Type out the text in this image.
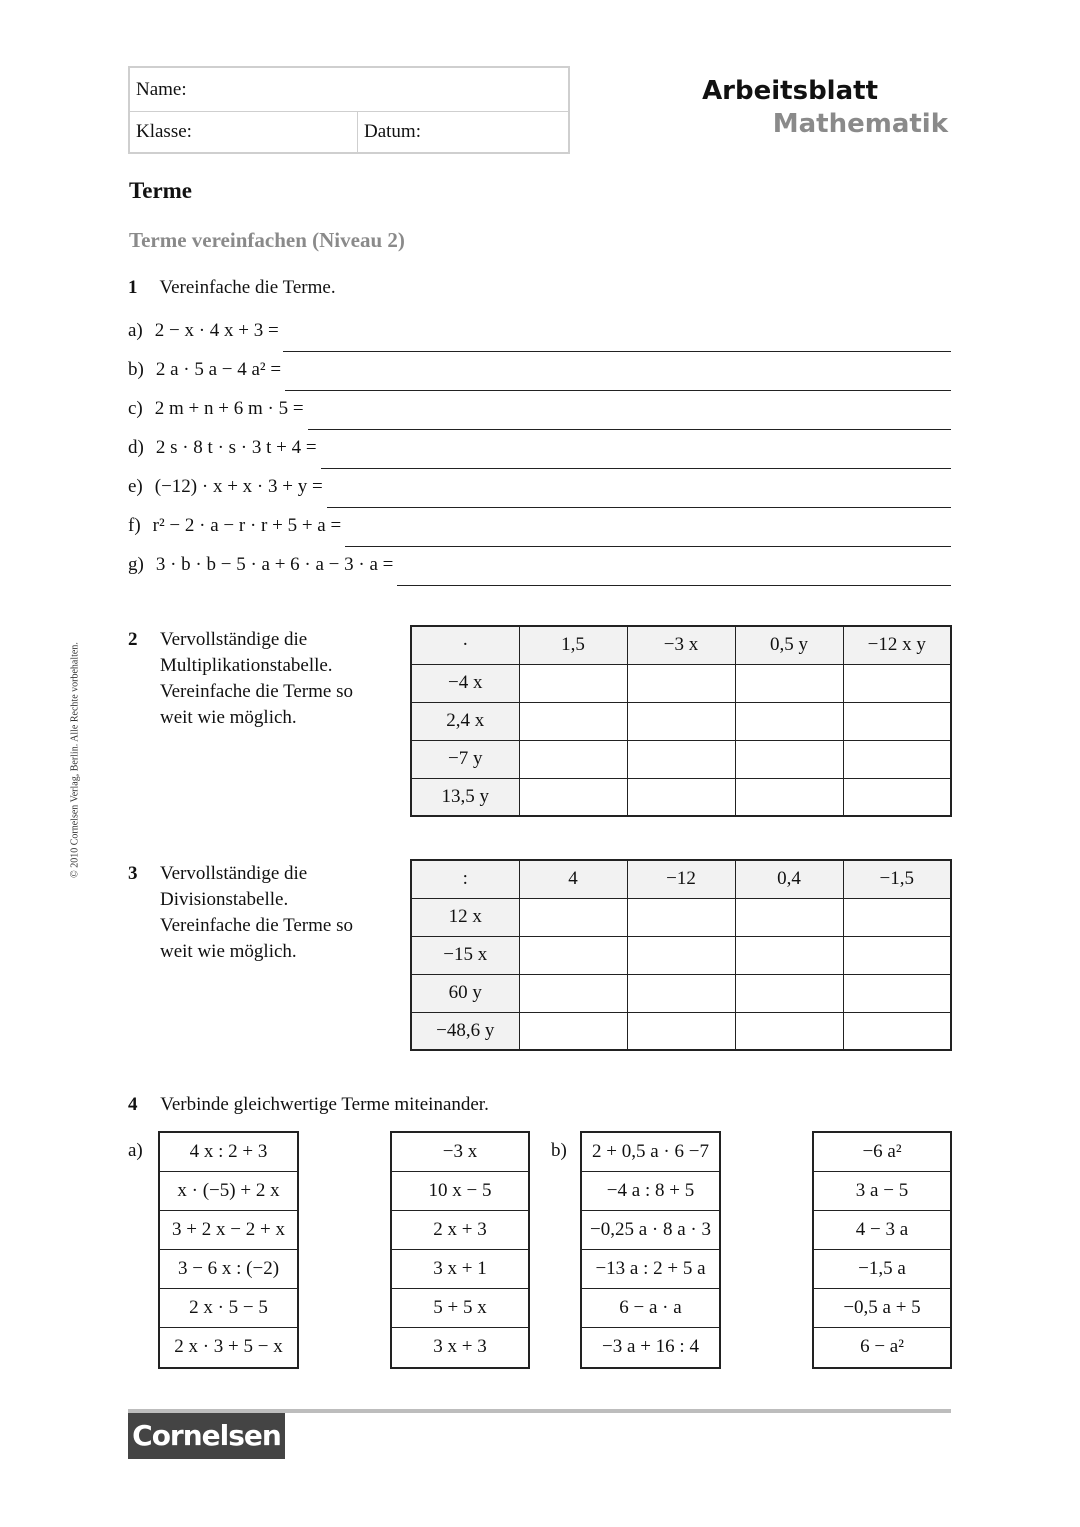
© 2010 Cornelsen Verlag, Berlin. Alle Rechte vorbehalten.
Name:
Klasse:	Datum:
Arbeitsblatt
Mathematik
Terme
Terme vereinfachen (Niveau 2)
1 Vereinfache die Terme.
a) 2 − x · 4 x + 3 =
b) 2 a · 5 a − 4 a² =
c) 2 m + n + 6 m · 5 =
d) 2 s · 8 t · s · 3 t + 4 =
e) (−12) · x + x · 3 + y =
f) r² − 2 · a − r · r + 5 + a =
g) 3 · b · b − 5 · a + 6 · a − 3 · a =
2 Vervollständige die
Multiplikationstabelle.
Vereinfache die Terme so
weit wie möglich.
·	1,5	−3 x	0,5 y	−12 x y
−4 x				
2,4 x				
−7 y				
13,5 y				
3 Vervollständige die
Divisionstabelle.
Vereinfache die Terme so
weit wie möglich.
:	4	−12	0,4	−1,5
12 x				
−15 x				
60 y				
−48,6 y				
4 Verbinde gleichwertige Terme miteinander.
a)	b)
4 x : 2 + 3
x · (−5) + 2 x
3 + 2 x − 2 + x
3 − 6 x : (−2)
2 x · 5 − 5
2 x · 3 + 5 − x
−3 x
10 x − 5
2 x + 3
3 x + 1
5 + 5 x
3 x + 3
2 + 0,5 a · 6 −7
−4 a : 8 + 5
−0,25 a · 8 a · 3
−13 a : 2 + 5 a
6 − a · a
−3 a + 16 : 4
−6 a²
3 a − 5
4 − 3 a
−1,5 a
−0,5 a + 5
6 − a²
Cornelsen
